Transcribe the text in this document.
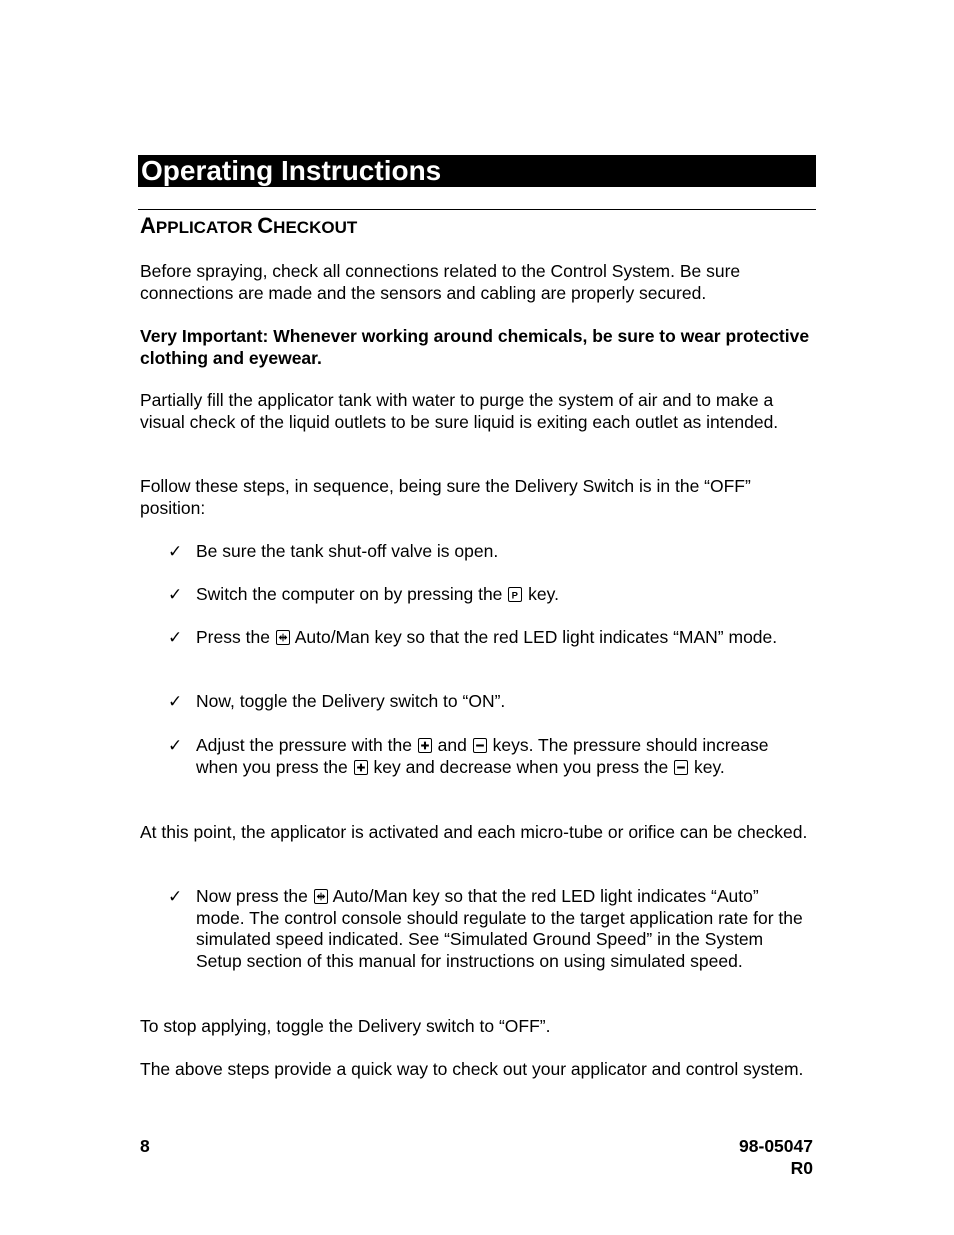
Operating Instructions
APPLICATOR CHECKOUT
Before spraying, check all connections related to the Control System. Be sure connections are made and the sensors and cabling are properly secured.
Very Important: Whenever working around chemicals, be sure to wear protective clothing and eyewear.
Partially fill the applicator tank with water to purge the system of air and to make a visual check of the liquid outlets to be sure liquid is exiting each outlet as intended.
Follow these steps, in sequence, being sure the Delivery Switch is in the “OFF” position:
✓ Be sure the tank shut-off valve is open.
✓ Switch the computer on by pressing the P key.
✓ Press the
Auto/Man key so that the red LED light indicates “MAN” mode.
✓ Now, toggle the Delivery switch to “ON”.
✓ Adjust the pressure with the
and
keys. The pressure should increase when you press the
key and decrease when you press the
key.
At this point, the applicator is activated and each micro-tube or orifice can be checked.
✓ Now press the
Auto/Man key so that the red LED light indicates “Auto” mode. The control console should regulate to the target application rate for the simulated speed indicated. See “Simulated Ground Speed” in the System Setup section of this manual for instructions on using simulated speed.
To stop applying, toggle the Delivery switch to “OFF”.
The above steps provide a quick way to check out your applicator and control system.
8	98-05047
R0
